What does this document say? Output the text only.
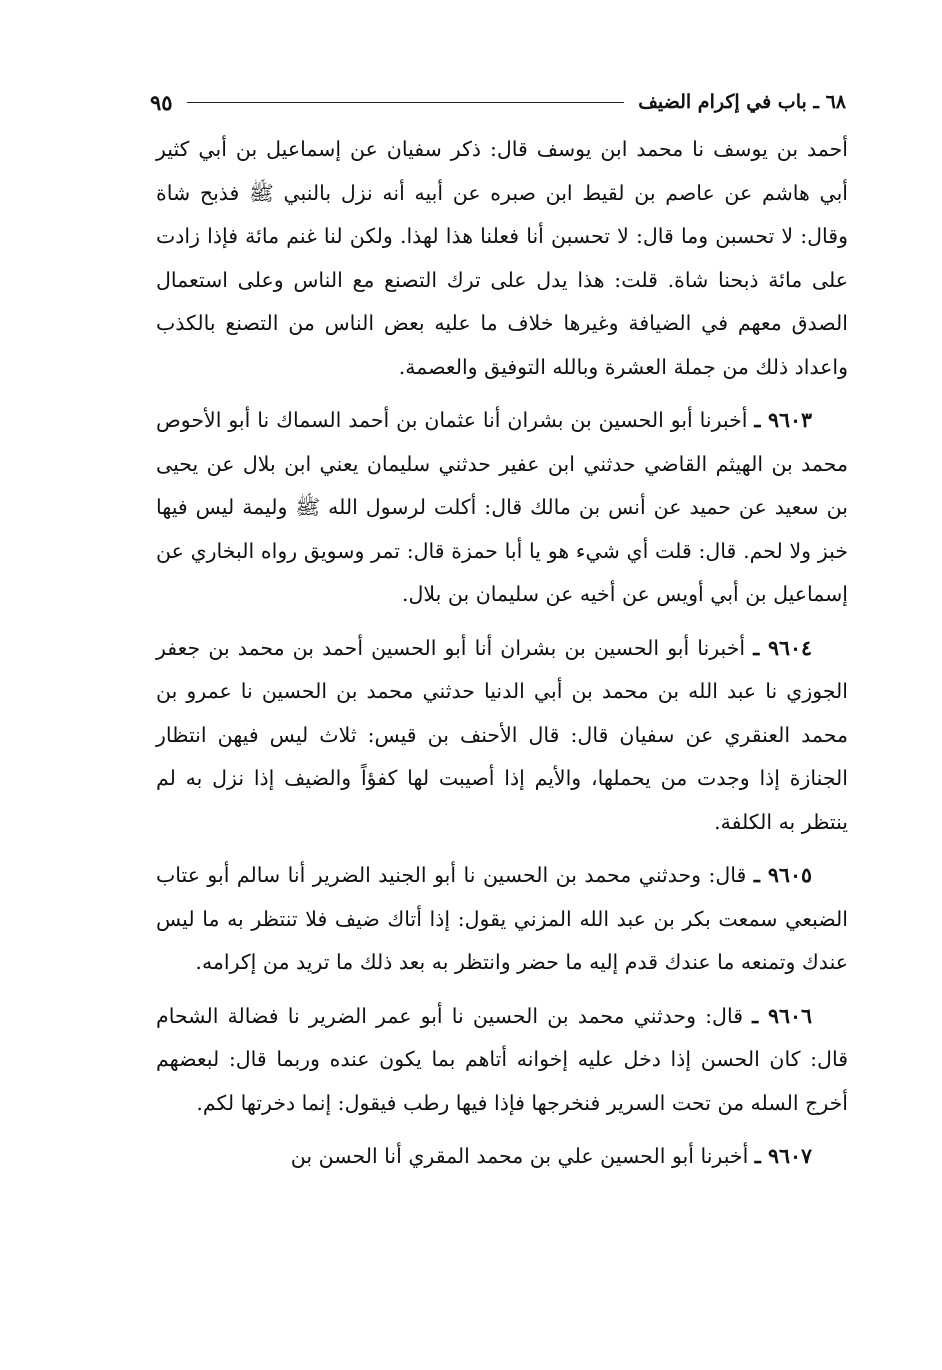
٦٨ ـ باب في إكرام الضيف
٩٥

أحمد بن يوسف نا محمد ابن يوسف قال: ذكر سفيان عن إسماعيل بن أبي كثير أبي هاشم عن عاصم بن لقيط ابن صبره عن أبيه أنه نزل بالنبي ﷺ فذبح شاة وقال: لا تحسبن وما قال: لا تحسبن أنا فعلنا هذا لهذا. ولكن لنا غنم مائة فإذا زادت على مائة ذبحنا شاة. قلت: هذا يدل على ترك التصنع مع الناس وعلى استعمال الصدق معهم في الضيافة وغيرها خلاف ما عليه بعض الناس من التصنع بالكذب واعداد ذلك من جملة العشرة وبالله التوفيق والعصمة.

٩٦٠٣ ـ أخبرنا أبو الحسين بن بشران أنا عثمان بن أحمد السماك نا أبو الأحوص محمد بن الهيثم القاضي حدثني ابن عفير حدثني سليمان يعني ابن بلال عن يحيى بن سعيد عن حميد عن أنس بن مالك قال: أكلت لرسول الله ﷺ وليمة ليس فيها خبز ولا لحم. قال: قلت أي شيء هو يا أبا حمزة قال: تمر وسويق رواه البخاري عن إسماعيل بن أبي أويس عن أخيه عن سليمان بن بلال.

٩٦٠٤ ـ أخبرنا أبو الحسين بن بشران أنا أبو الحسين أحمد بن محمد بن جعفر الجوزي نا عبد الله بن محمد بن أبي الدنيا حدثني محمد بن الحسين نا عمرو بن محمد العنقري عن سفيان قال: قال الأحنف بن قيس: ثلاث ليس فيهن انتظار الجنازة إذا وجدت من يحملها، والأيم إذا أصيبت لها كفؤاً والضيف إذا نزل به لم ينتظر به الكلفة.

٩٦٠٥ ـ قال: وحدثني محمد بن الحسين نا أبو الجنيد الضرير أنا سالم أبو عتاب الضبعي سمعت بكر بن عبد الله المزني يقول: إذا أتاك ضيف فلا تنتظر به ما ليس عندك وتمنعه ما عندك قدم إليه ما حضر وانتظر به بعد ذلك ما تريد من إكرامه.

٩٦٠٦ ـ قال: وحدثني محمد بن الحسين نا أبو عمر الضرير نا فضالة الشحام قال: كان الحسن إذا دخل عليه إخوانه أتاهم بما يكون عنده وربما قال: لبعضهم أخرج السله من تحت السرير فنخرجها فإذا فيها رطب فيقول: إنما دخرتها لكم.

٩٦٠٧ ـ أخبرنا أبو الحسين علي بن محمد المقري أنا الحسن بن
